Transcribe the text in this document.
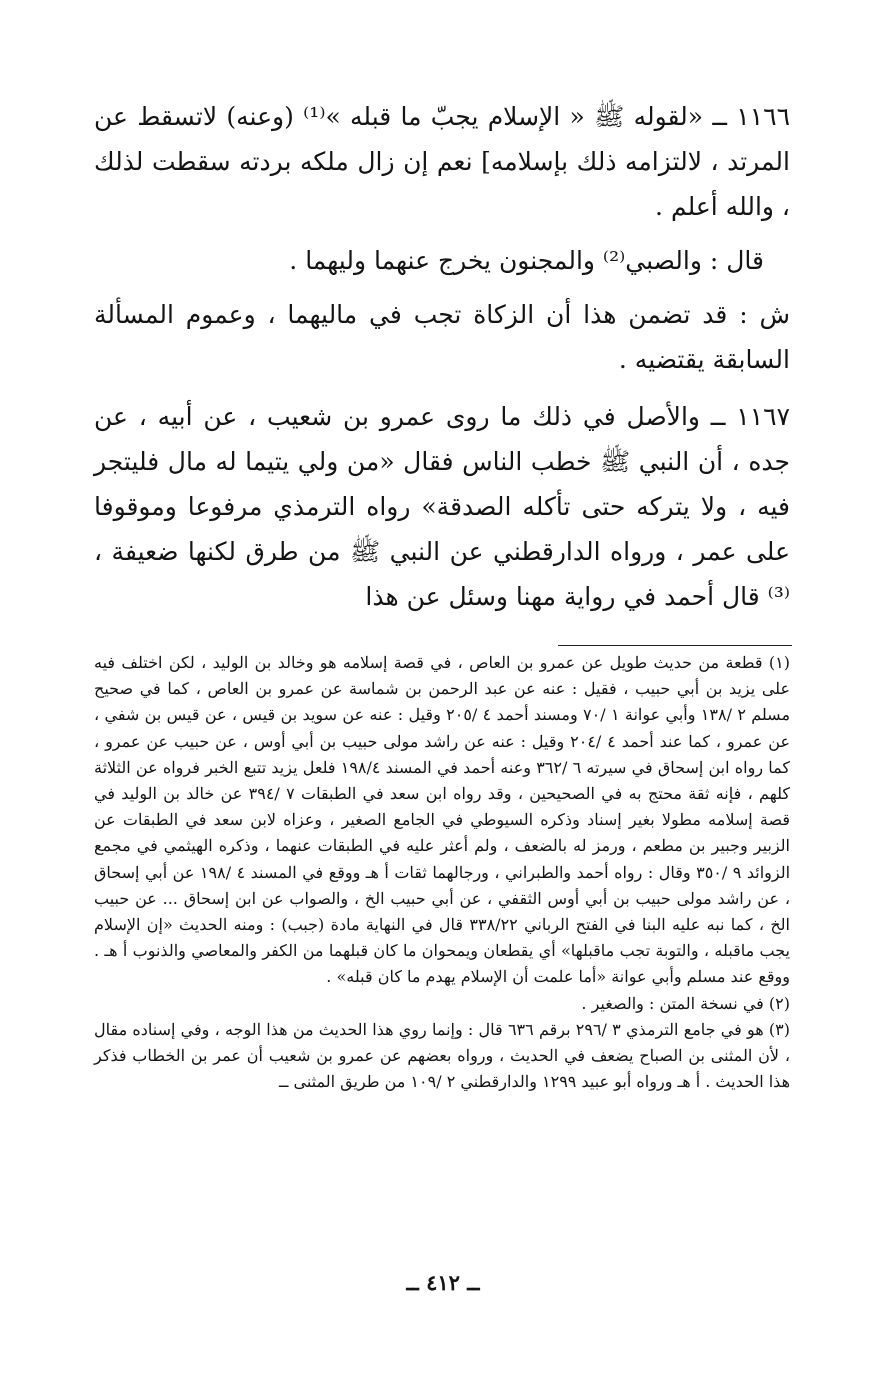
١١٦٦ ــ «لقوله ﷺ « الإسلام يجبّ ما قبله »⁽¹⁾ (وعنه) لاتسقط عن المرتد ، لالتزامه ذلك بإسلامه] نعم إن زال ملكه بردته سقطت لذلك ، والله أعلم .

قال : والصبي⁽²⁾ والمجنون يخرج عنهما وليهما .

ش : قد تضمن هذا أن الزكاة تجب في ماليهما ، وعموم المسألة السابقة يقتضيه .

١١٦٧ ــ والأصل في ذلك ما روى عمرو بن شعيب ، عن أبيه ، عن جده ، أن النبي ﷺ خطب الناس فقال «من ولي يتيما له مال فليتجر فيه ، ولا يتركه حتى تأكله الصدقة» رواه الترمذي مرفوعا وموقوفا على عمر ، ورواه الدارقطني عن النبي ﷺ من طرق لكنها ضعيفة ،⁽³⁾ قال أحمد في رواية مهنا وسئل عن هذا

(١) قطعة من حديث طويل عن عمرو بن العاص ، في قصة إسلامه هو وخالد بن الوليد ، لكن اختلف فيه على يزيد بن أبي حبيب ، فقيل : عنه عن عبد الرحمن بن شماسة عن عمرو بن العاص ، كما في صحيح مسلم ٢ /١٣٨ وأبي عوانة ١ /٧٠ ومسند أحمد ٤ /٢٠٥ وقيل : عنه عن سويد بن قيس ، عن قيس بن شفي ، عن عمرو ، كما عند أحمد ٤ /٢٠٤ وقيل : عنه عن راشد مولى حبيب بن أبي أوس ، عن حبيب عن عمرو ، كما رواه ابن إسحاق في سيرته ٦ /٣٦٢ وعنه أحمد في المسند ١٩٨/٤ فلعل يزيد تتبع الخبر فرواه عن الثلاثة كلهم ، فإنه ثقة محتج به في الصحيحين ، وقد رواه ابن سعد في الطبقات ٧ /٣٩٤ عن خالد بن الوليد في قصة إسلامه مطولا بغير إسناد وذكره السيوطي في الجامع الصغير ، وعزاه لابن سعد في الطبقات عن الزبير وجبير بن مطعم ، ورمز له بالضعف ، ولم أعثر عليه في الطبقات عنهما ، وذكره الهيثمي في مجمع الزوائد ٩ /٣٥٠ وقال : رواه أحمد والطبراني ، ورجالهما ثقات أ هـ ووقع في المسند ٤ /١٩٨ عن أبي إسحاق ، عن راشد مولى حبيب بن أبي أوس الثقفي ، عن أبي حبيب الخ ، والصواب عن ابن إسحاق ... عن حبيب الخ ، كما نبه عليه البنا في الفتح الرباني ٣٣٨/٢٢ قال في النهاية مادة (جبب) : ومنه الحديث «إن الإسلام يجب ماقبله ، والتوبة تجب ماقبلها» أي يقطعان ويمحوان ما كان قبلهما من الكفر والمعاصي والذنوب أ هـ . ووقع عند مسلم وأبي عوانة «أما علمت أن الإسلام يهدم ما كان قبله» .

(٢) في نسخة المتن : والصغير .

(٣) هو في جامع الترمذي ٣ /٢٩٦ برقم ٦٣٦ قال : وإنما روي هذا الحديث من هذا الوجه ، وفي إسناده مقال ، لأن المثنى بن الصباح يضعف في الحديث ، ورواه بعضهم عن عمرو بن شعيب أن عمر بن الخطاب فذكر هذا الحديث . أ هـ ورواه أبو عبيد ١٢٩٩ والدارقطني ٢ /١٠٩ من طريق المثنى ــ

ــ ٤١٢ ــ
